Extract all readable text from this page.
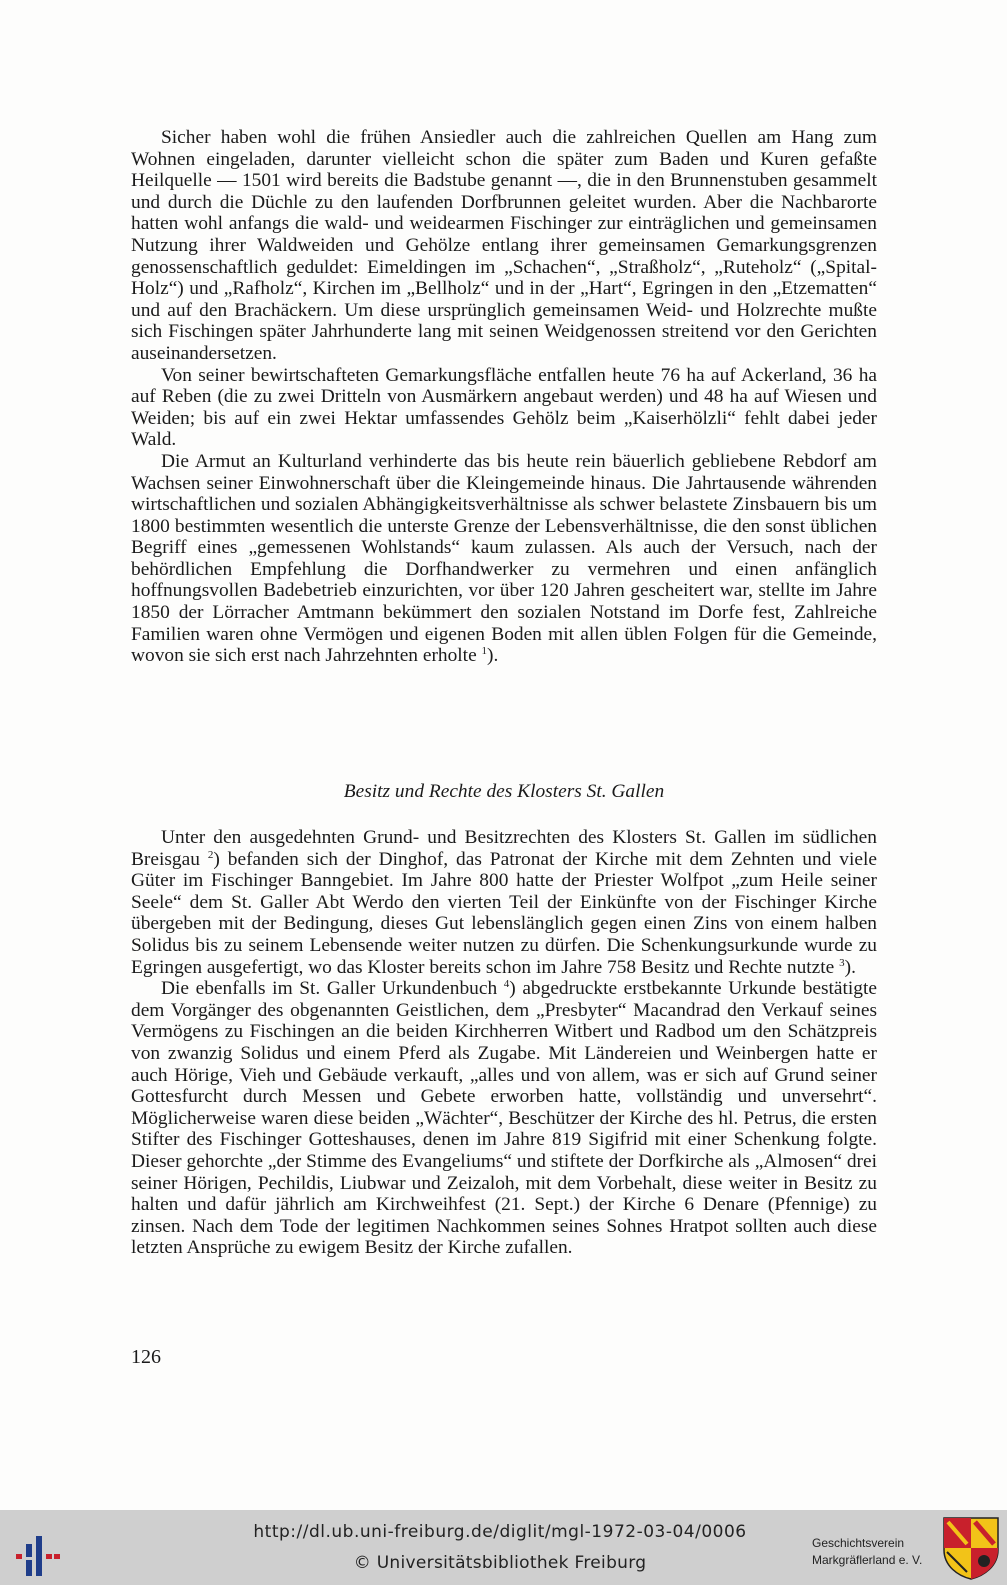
Sicher haben wohl die frühen Ansiedler auch die zahlreichen Quellen am Hang zum Wohnen eingeladen, darunter vielleicht schon die später zum Baden und Kuren gefaßte Heilquelle — 1501 wird bereits die Badstube genannt —, die in den Brunnenstuben gesammelt und durch die Düchle zu den laufenden Dorfbrunnen geleitet wurden. Aber die Nachbarorte hatten wohl anfangs die wald- und weidearmen Fischinger zur einträglichen und gemeinsamen Nutzung ihrer Waldweiden und Gehölze entlang ihrer gemeinsamen Gemarkungsgrenzen genossenschaftlich geduldet: Eimeldingen im „Schachen“, „Straßholz“, „Ruteholz“ („Spital-Holz“) und „Rafholz“, Kirchen im „Bellholz“ und in der „Hart“, Egringen in den „Etzematten“ und auf den Brachäckern. Um diese ursprünglich gemeinsamen Weid- und Holzrechte mußte sich Fischingen später Jahrhunderte lang mit seinen Weidgenossen streitend vor den Gerichten auseinandersetzen.

Von seiner bewirtschafteten Gemarkungsfläche entfallen heute 76 ha auf Ackerland, 36 ha auf Reben (die zu zwei Dritteln von Ausmärkern angebaut werden) und 48 ha auf Wiesen und Weiden; bis auf ein zwei Hektar umfassendes Gehölz beim „Kaiserhölzli“ fehlt dabei jeder Wald.

Die Armut an Kulturland verhinderte das bis heute rein bäuerlich gebliebene Rebdorf am Wachsen seiner Einwohnerschaft über die Kleingemeinde hinaus. Die Jahrtausende währenden wirtschaftlichen und sozialen Abhängigkeitsverhältnisse als schwer belastete Zinsbauern bis um 1800 bestimmten wesentlich die unterste Grenze der Lebensverhältnisse, die den sonst üblichen Begriff eines „gemessenen Wohlstands“ kaum zulassen. Als auch der Versuch, nach der behördlichen Empfehlung die Dorfhandwerker zu vermehren und einen anfänglich hoffnungsvollen Badebetrieb einzurichten, vor über 120 Jahren gescheitert war, stellte im Jahre 1850 der Lörracher Amtmann bekümmert den sozialen Notstand im Dorfe fest, Zahlreiche Familien waren ohne Vermögen und eigenen Boden mit allen üblen Folgen für die Gemeinde, wovon sie sich erst nach Jahrzehnten erholte $^1$).

Besitz und Rechte des Klosters St. Gallen

Unter den ausgedehnten Grund- und Besitzrechten des Klosters St. Gallen im südlichen Breisgau $^2$) befanden sich der Dinghof, das Patronat der Kirche mit dem Zehnten und viele Güter im Fischinger Banngebiet. Im Jahre 800 hatte der Priester Wolfpot „zum Heile seiner Seele“ dem St. Galler Abt Werdo den vierten Teil der Einkünfte von der Fischinger Kirche übergeben mit der Bedingung, dieses Gut lebenslänglich gegen einen Zins von einem halben Solidus bis zu seinem Lebensende weiter nutzen zu dürfen. Die Schenkungsurkunde wurde zu Egringen ausgefertigt, wo das Kloster bereits schon im Jahre 758 Besitz und Rechte nutzte $^3$).

Die ebenfalls im St. Galler Urkundenbuch $^4$) abgedruckte erstbekannte Urkunde bestätigte dem Vorgänger des obgenannten Geistlichen, dem „Presbyter“ Macandrad den Verkauf seines Vermögens zu Fischingen an die beiden Kirchherren Witbert und Radbod um den Schätzpreis von zwanzig Solidus und einem Pferd als Zugabe. Mit Ländereien und Weinbergen hatte er auch Hörige, Vieh und Gebäude verkauft, „alles und von allem, was er sich auf Grund seiner Gottesfurcht durch Messen und Gebete erworben hatte, vollständig und unversehrt“. Möglicherweise waren diese beiden „Wächter“, Beschützer der Kirche des hl. Petrus, die ersten Stifter des Fischinger Gotteshauses, denen im Jahre 819 Sigifrid mit einer Schenkung folgte. Dieser gehorchte „der Stimme des Evangeliums“ und stiftete der Dorfkirche als „Almosen“ drei seiner Hörigen, Pechildis, Liubwar und Zeizaloh, mit dem Vorbehalt, diese weiter in Besitz zu halten und dafür jährlich am Kirchweihfest (21. Sept.) der Kirche 6 Denare (Pfennige) zu zinsen. Nach dem Tode der legitimen Nachkommen seines Sohnes Hratpot sollten auch diese letzten Ansprüche zu ewigem Besitz der Kirche zufallen.

126
http://dl.ub.uni-freiburg.de/diglit/mgl-1972-03-04/0006
© Universitätsbibliothek Freiburg
Geschichtsverein
Markgräflerland e. V.
